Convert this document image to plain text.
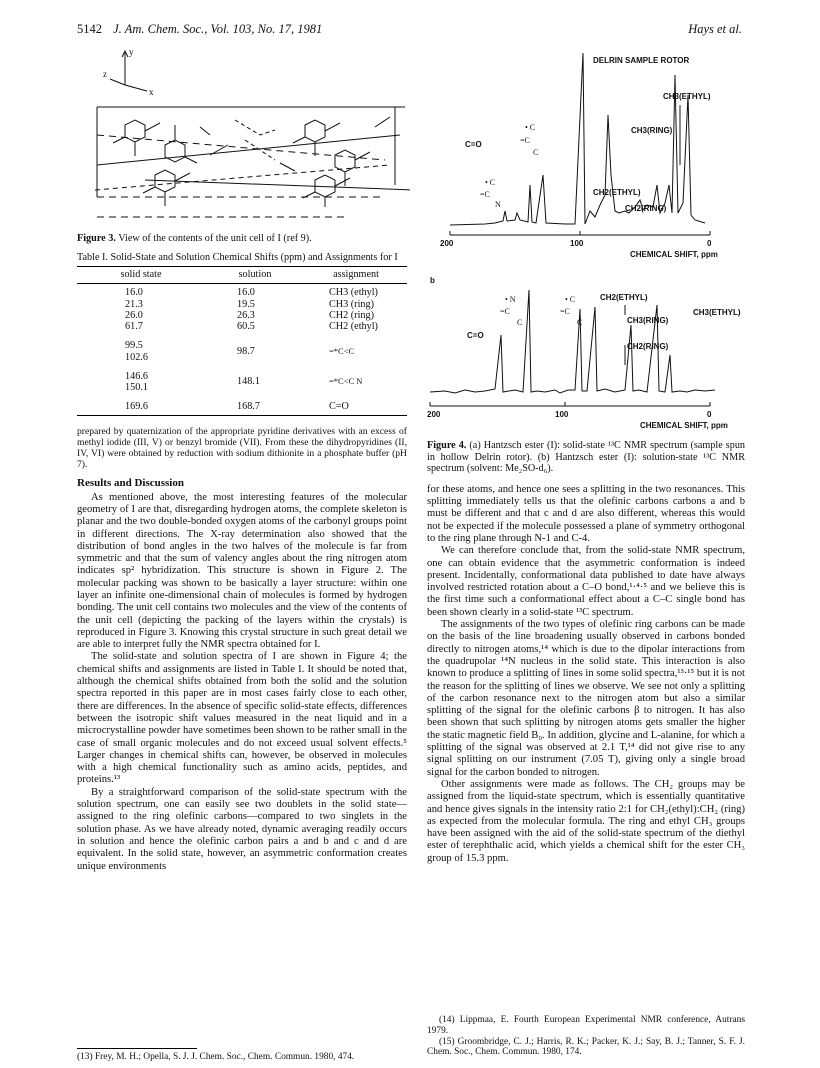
5142 J. Am. Chem. Soc., Vol. 103, No. 17, 1981	Hays et al.
y
z
x
Figure 3. View of the contents of the unit cell of I (ref 9).
Table I. Solid-State and Solution Chemical Shifts (ppm) and Assignments for I
solid state	solution	assignment

16.0	16.0	CH3 (ethyl)
21.3	19.5	CH3 (ring)
26.0	26.3	CH2 (ring)
61.7	60.5	CH2 (ethyl)
99.5
102.6	98.7	=*C<C
146.6
150.1	148.1	=*C<C N
169.6	168.7	C=O

prepared by quaternization of the appropriate pyridine derivatives with an excess of methyl iodide (III, V) or benzyl bromide (VII). From these the dihydropyridines (II, IV, VI) were obtained by reduction with sodium dithionite in a phosphate buffer (pH 7).

Results and Discussion

As mentioned above, the most interesting features of the molecular geometry of I are that, disregarding hydrogen atoms, the complete skeleton is planar and the two double-bonded oxygen atoms of the carbonyl groups point in different directions. The X-ray determination also showed that the distribution of bond angles in the two halves of the molecule is far from symmetric and that the sum of valency angles about the ring nitrogen atom indicates sp² hybridization. This structure is shown in Figure 2. The molecular packing was shown to be basically a layer structure: within one layer an infinite one-dimensional chain of molecules is formed by hydrogen bonding. The unit cell contains two molecules and the view of the contents of the unit cell (depicting the packing of the layers within the crystals) is reproduced in Figure 3. Knowing this crystal structure in such great detail we are able to interpret fully the NMR spectra obtained for I.

The solid-state and solution spectra of I are shown in Figure 4; the chemical shifts and assignments are listed in Table I. It should be noted that, although the chemical shifts obtained from both the solid and the solution spectra reported in this paper are in most cases fairly close to each other, there are differences. In the absence of specific solid-state effects, differences between the isotropic shift values measured in the neat liquid and in a microcrystalline powder have sometimes been shown to be rather small in the case of small organic molecules and do not exceed usual solvent effects.⁵ Larger changes in chemical shifts can, however, be observed in molecules with a high chemical functionality such as amino acids, peptides, and proteins.¹³

By a straightforward comparison of the solid-state spectrum with the solution spectrum, one can easily see two doublets in the solid state—assigned to the ring olefinic carbons—compared to two singlets in the solution phase. As we have already noted, dynamic averaging readily occurs in solution and hence the olefinic carbon pairs a and b and c and d are equivalent. In the solid state, however, an asymmetric conformation creates unique environments

(13) Frey, M. H.; Opella, S. J. J. Chem. Soc., Chem. Commun. 1980, 474.
DELRIN SAMPLE ROTOR
CH3(ETHYL)
CH3(RING)
C=O
CH2(ETHYL)
CH2(RING)
200	100	0
CHEMICAL SHIFT, ppm
b
C=O
CH2(ETHYL)
CH3(RING)
CH3(ETHYL)
CH2(RING)
200	100	0
CHEMICAL SHIFT, ppm
• C
=C
C
• C
=C
N
• N
=C
C
• C
=C
C
Figure 4. (a) Hantzsch ester (I): solid-state ¹³C NMR spectrum (sample spun in hollow Delrin rotor). (b) Hantzsch ester (I): solution-state ¹³C NMR spectrum (solvent: Me₂SO-d₆).

for these atoms, and hence one sees a splitting in the two resonances. This splitting immediately tells us that the olefinic carbons carbons a and b must be different and that c and d are also different, whereas this would not be expected if the molecule possessed a plane of symmetry orthogonal to the ring plane through N-1 and C-4.

We can therefore conclude that, from the solid-state NMR spectrum, one can obtain evidence that the asymmetric conformation is indeed present. Incidentally, conformational data published to date have always involved restricted rotation about a C–O bond,¹·⁴·⁵ and we believe this is the first time such a conformational effect about a C–C single bond has been shown clearly in a solid-state ¹³C spectrum.

The assignments of the two types of olefinic ring carbons can be made on the basis of the line broadening usually observed in carbons bonded directly to nitrogen atoms,¹⁴ which is due to the dipolar interactions from the quadrupolar ¹⁴N nucleus in the solid state. This interaction is also known to produce a splitting of lines in some solid spectra,¹³·¹⁵ but it is not the reason for the splitting of lines we observe. We see not only a splitting of the carbon resonance next to the nitrogen atom but also a similar splitting of the signal for the olefinic carbons β to nitrogen. It has also been shown that such splitting by nitrogen atoms gets smaller the higher the static magnetic field B₀. In addition, glycine and L-alanine, for which a splitting of the signal was observed at 2.1 T,¹⁴ did not give rise to any signal splitting on our instrument (7.05 T), giving only a single broad signal for the carbon bonded to nitrogen.

Other assignments were made as follows. The CH₂ groups may be assigned from the liquid-state spectrum, which is essentially quantitative and hence gives signals in the intensity ratio 2:1 for CH₂(ethyl):CH₂ (ring) as expected from the molecular formula. The ring and ethyl CH₃ groups have been assigned with the aid of the solid-state spectrum of the diethyl ester of terephthalic acid, which yields a chemical shift for the ester CH₃ group of 15.3 ppm.

(14) Lippmaa, E. Fourth European Experimental NMR conference, Autrans 1979.

(15) Groombridge, C. J.; Harris, R. K.; Packer, K. J.; Say, B. J.; Tanner, S. F. J. Chem. Soc., Chem. Commun. 1980, 174.
